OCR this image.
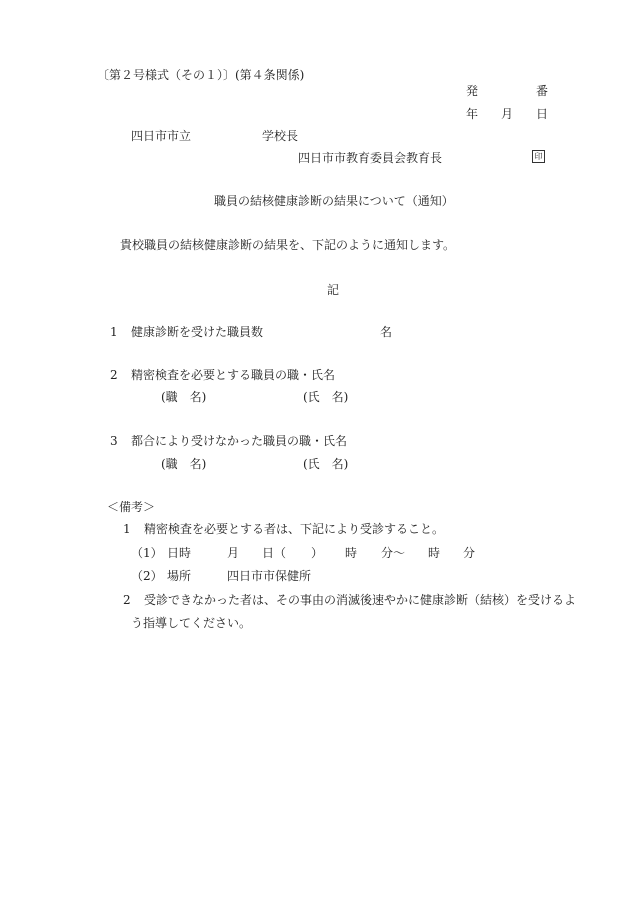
〔第２号様式（その１）〕(第４条関係)
発	番
年 月 日
四日市市立	学校長
四日市市教育委員会教育長	印
職員の結核健康診断の結果について（通知）
貴校職員の結核健康診断の結果を、下記のように通知します。
記
1 健康診断を受けた職員数	名
2 精密検査を必要とする職員の職・氏名
(職　名)	(氏　名)
3 都合により受けなかった職員の職・氏名
(職　名)	(氏　名)
＜備考＞
1 精密検査を必要とする者は、下記により受診すること。
（1） 日時	月 日（ ） 時 分〜 時 分
（2） 場所	四日市市保健所
2 受診できなかった者は、その事由の消滅後速やかに健康診断（結核）を受けるよ
う指導してください。
